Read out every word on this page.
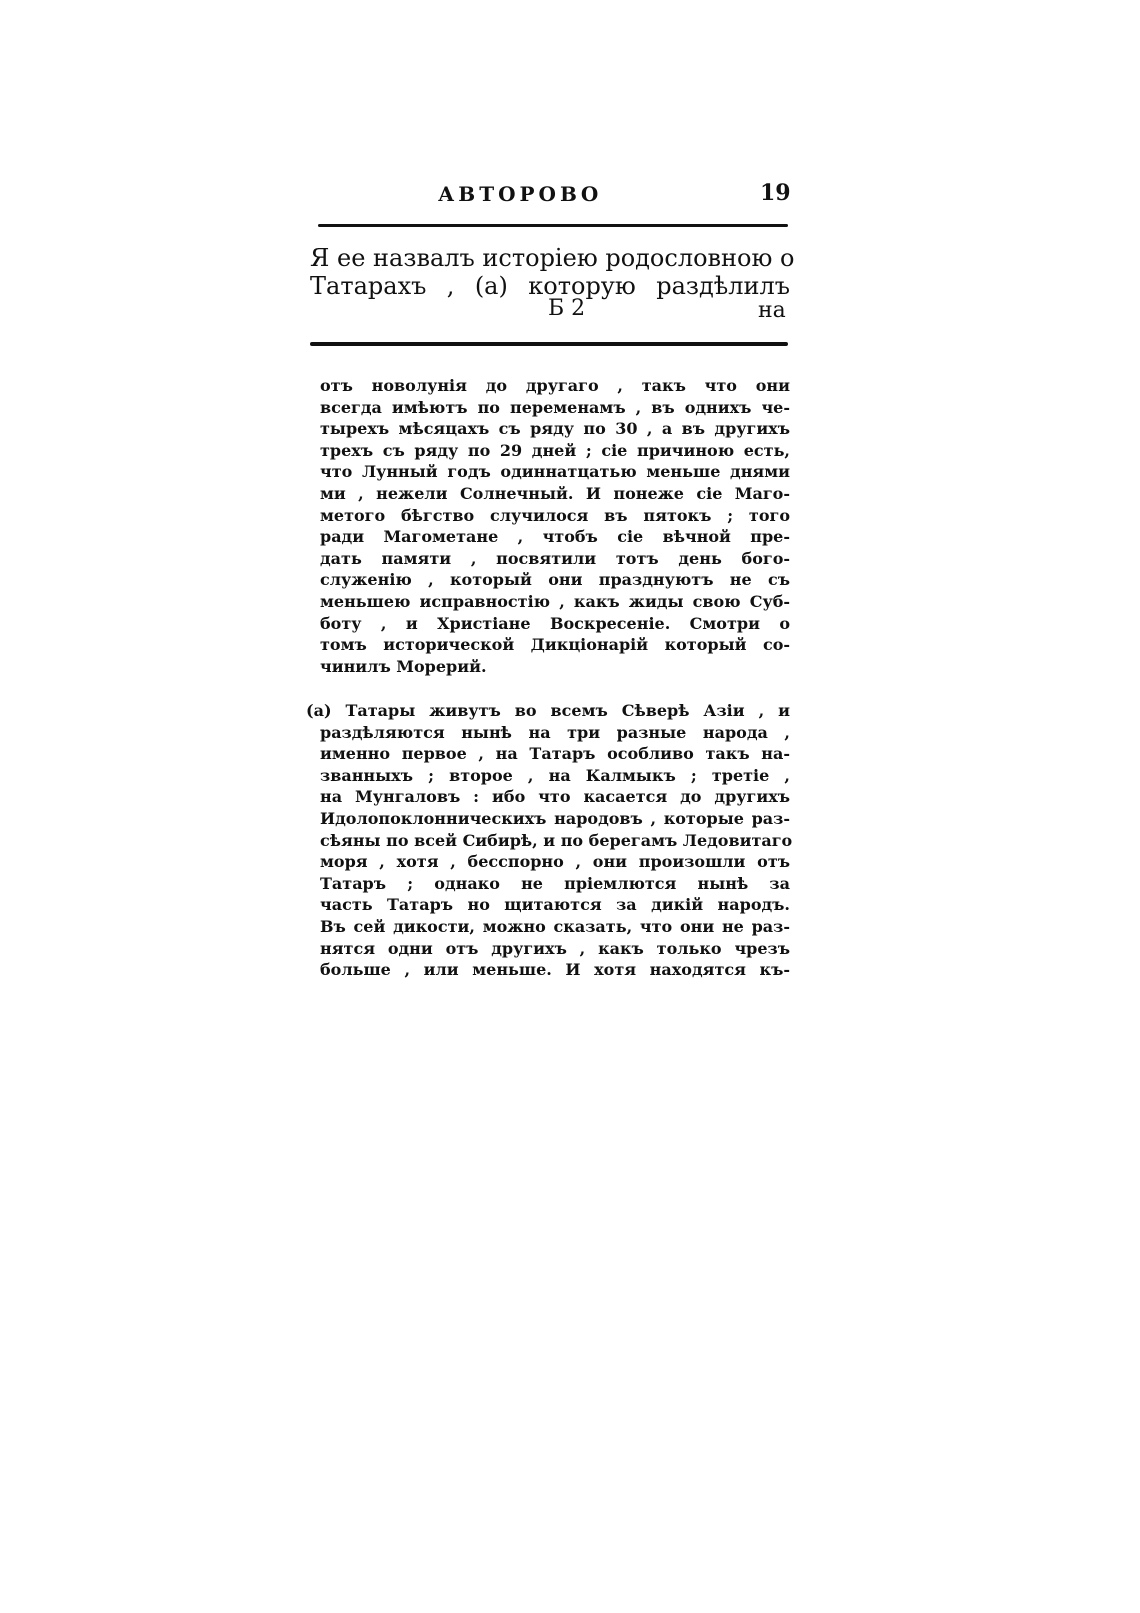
АВТОРОВО	19
Я ее назвалъ исторiею родословною о
Татарахъ , (а) которую раздѣлилъ
Б 2	на
отъ новолунiя до другаго , такъ что они
всегда имѣютъ по переменамъ , въ однихъ че-
тырехъ мѣсяцахъ съ ряду по 30 , а въ другихъ
трехъ съ ряду по 29 дней ; сiе причиною есть,
что Лунный годъ одиннатцатью меньше днями
ми , нежели Солнечный. И понеже сiе Маго-
метого бѣгство случилося въ пятокъ ; того
ради Магометане , чтобъ сiе вѣчной пре-
дать памяти , посвятили тотъ день бого-
служенiю , который они празднуютъ не съ
меньшею исправностiю , какъ жиды свою Суб-
боту , и Христiане Воскресенiе. Смотри о
томъ исторической Дикцiонарiй который со-
чинилъ Морерий.
(а) Татары живутъ во всемъ Сѣверѣ Азiи , и
раздѣляются нынѣ на три разные народа ,
именно первое , на Татаръ особливо такъ на-
званныхъ ; второе , на Калмыкъ ; третiе ,
на Мунгаловъ : ибо что касается до другихъ
Идолопоклонническихъ народовъ , которые раз-
сѣяны по всей Сибирѣ, и по берегамъ Ледовитаго
моря , хотя , бесспорно , они произошли отъ
Татаръ ; однако не прiемлются нынѣ за
часть Татаръ но щитаются за дикiй народъ.
Въ сей дикости, можно сказать, что они не раз-
нятся одни отъ другихъ , какъ только чрезъ
больше , или меньше. И хотя находятся къ-
